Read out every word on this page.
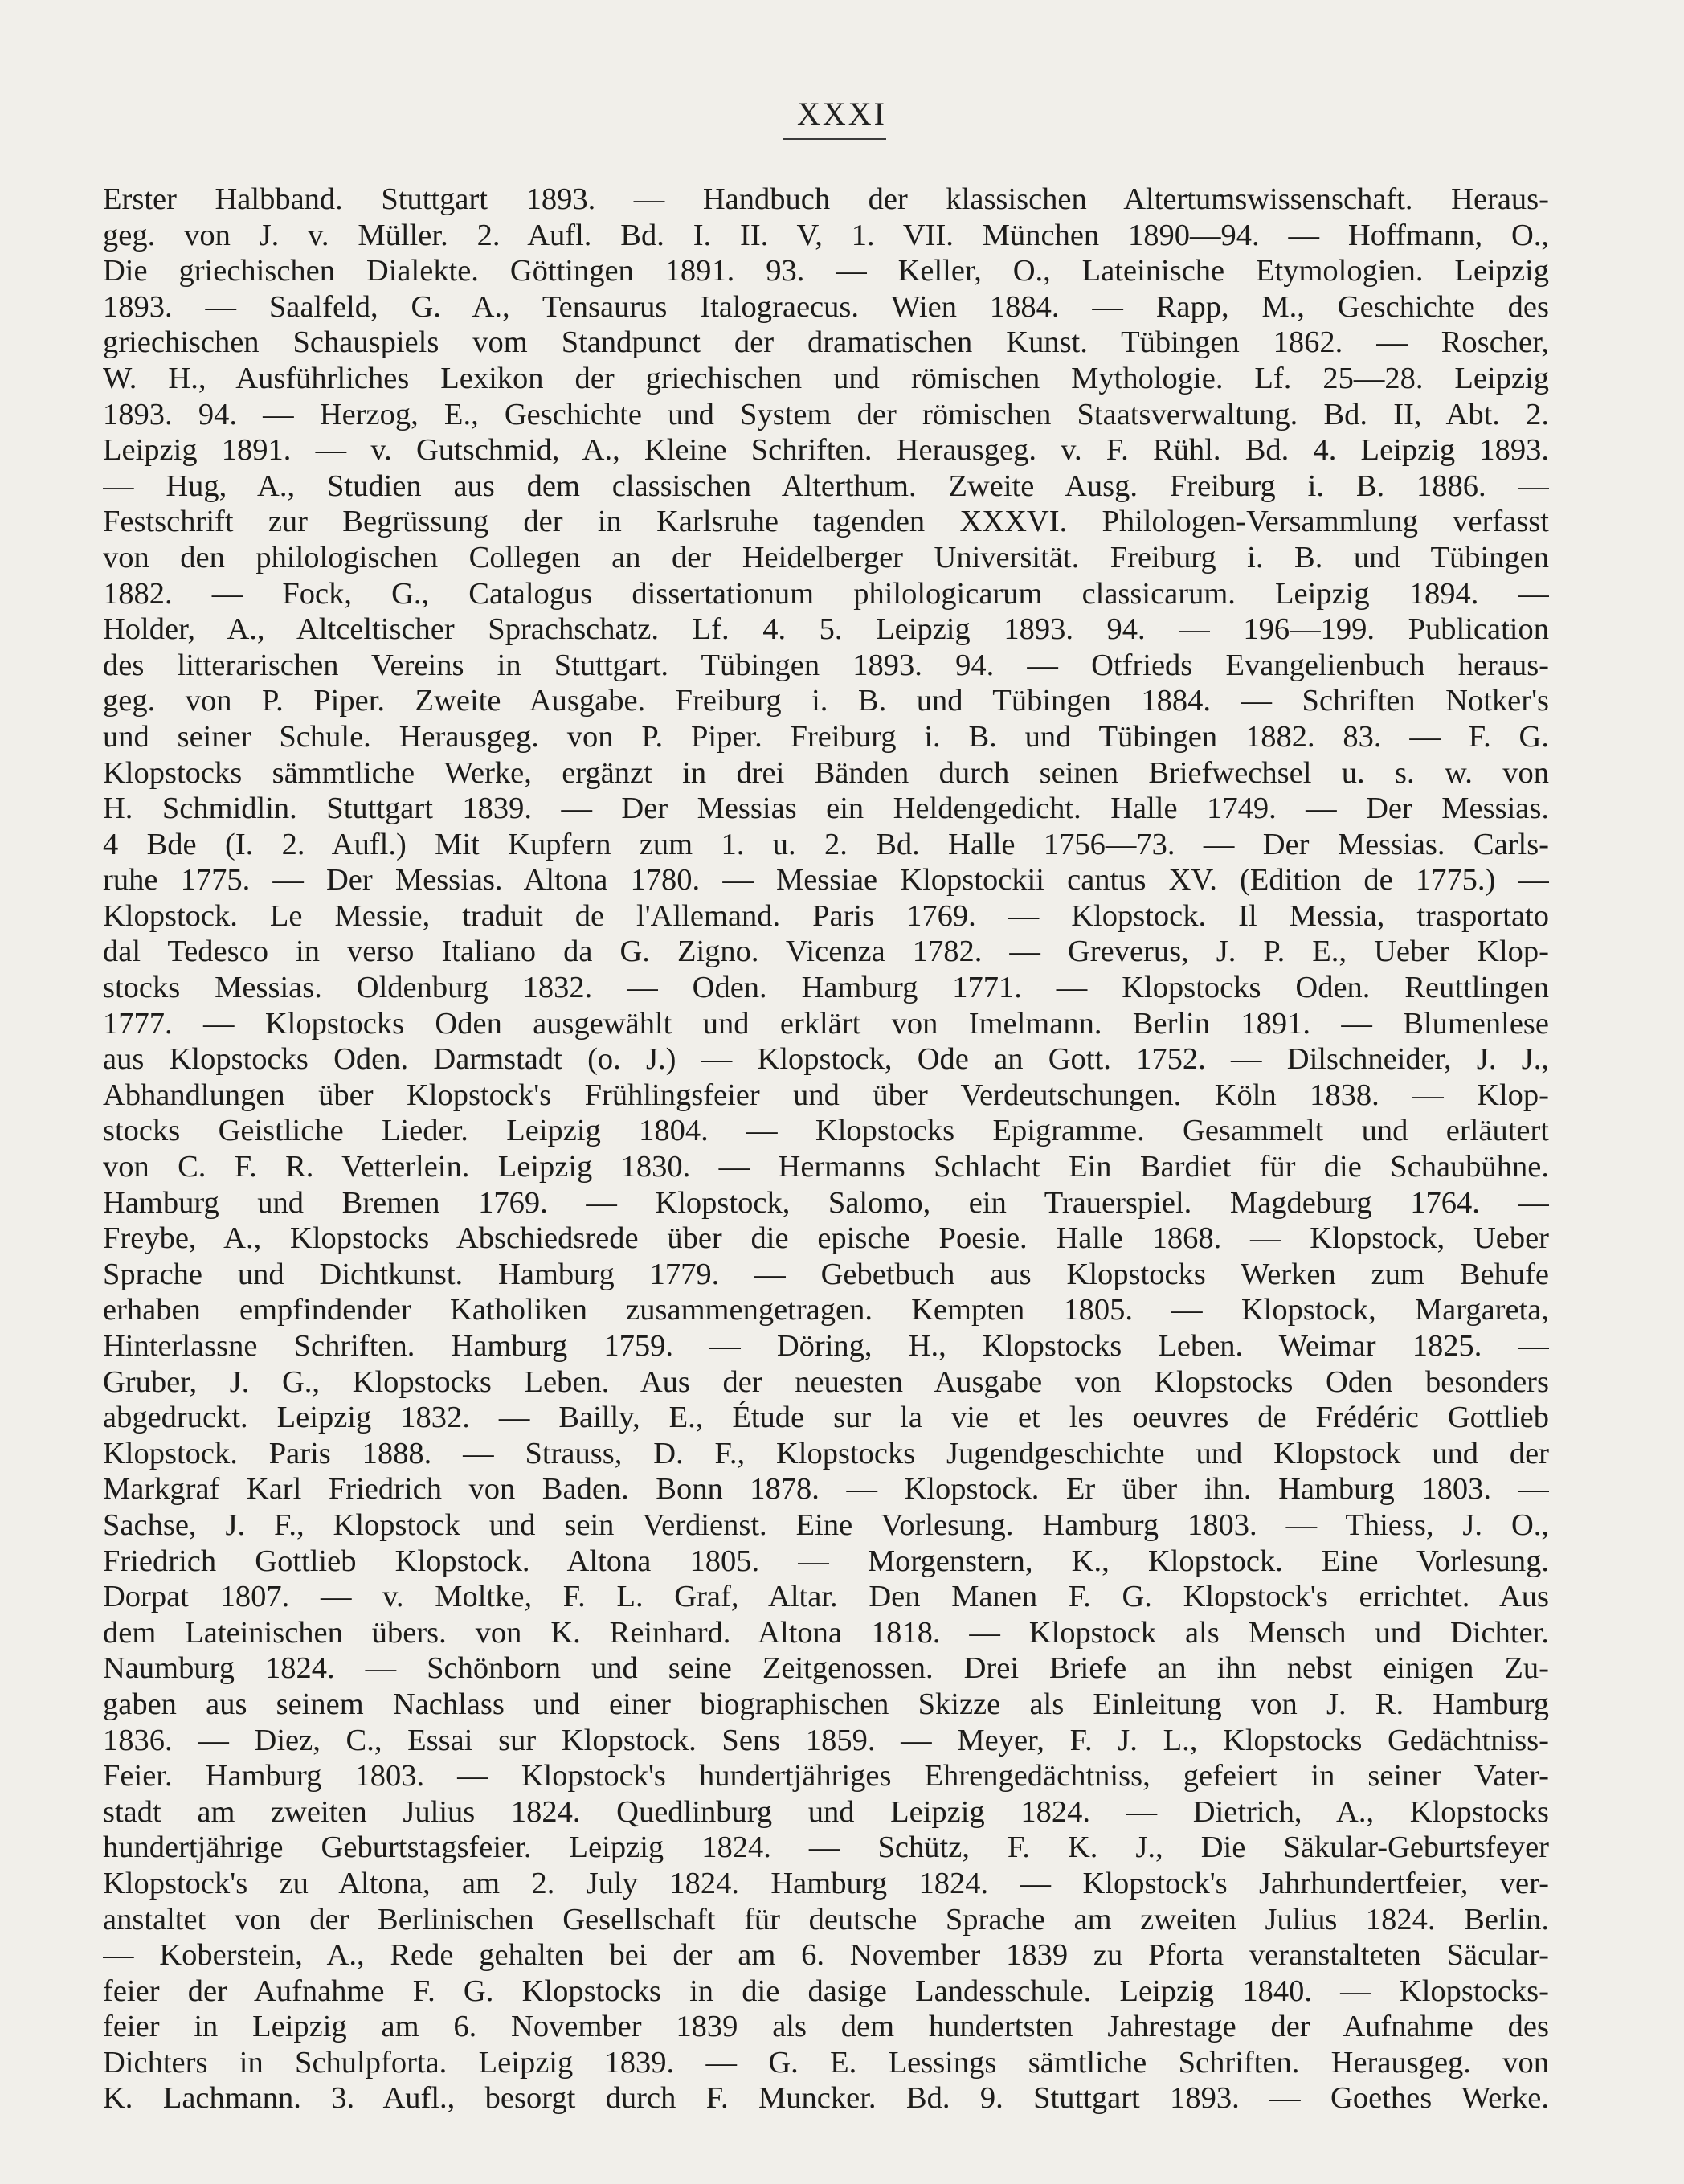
XXXI
Erster Halbband. Stuttgart 1893. — Handbuch der klassischen Altertumswissenschaft. Heraus-
geg. von J. v. Müller. 2. Aufl. Bd. I. II. V, 1. VII. München 1890—94. — Hoffmann, O.,
Die griechischen Dialekte. Göttingen 1891. 93. — Keller, O., Lateinische Etymologien. Leipzig
1893. — Saalfeld, G. A., Tensaurus Italograecus. Wien 1884. — Rapp, M., Geschichte des
griechischen Schauspiels vom Standpunct der dramatischen Kunst. Tübingen 1862. — Roscher,
W. H., Ausführliches Lexikon der griechischen und römischen Mythologie. Lf. 25—28. Leipzig
1893. 94. — Herzog, E., Geschichte und System der römischen Staatsverwaltung. Bd. II, Abt. 2.
Leipzig 1891. — v. Gutschmid, A., Kleine Schriften. Herausgeg. v. F. Rühl. Bd. 4. Leipzig 1893.
— Hug, A., Studien aus dem classischen Alterthum. Zweite Ausg. Freiburg i. B. 1886. —
Festschrift zur Begrüssung der in Karlsruhe tagenden XXXVI. Philologen-Versammlung verfasst
von den philologischen Collegen an der Heidelberger Universität. Freiburg i. B. und Tübingen
1882. — Fock, G., Catalogus dissertationum philologicarum classicarum. Leipzig 1894. —
Holder, A., Altceltischer Sprachschatz. Lf. 4. 5. Leipzig 1893. 94. — 196—199. Publication
des litterarischen Vereins in Stuttgart. Tübingen 1893. 94. — Otfrieds Evangelienbuch heraus-
geg. von P. Piper. Zweite Ausgabe. Freiburg i. B. und Tübingen 1884. — Schriften Notker's
und seiner Schule. Herausgeg. von P. Piper. Freiburg i. B. und Tübingen 1882. 83. — F. G.
Klopstocks sämmtliche Werke, ergänzt in drei Bänden durch seinen Briefwechsel u. s. w. von
H. Schmidlin. Stuttgart 1839. — Der Messias ein Heldengedicht. Halle 1749. — Der Messias.
4 Bde (I. 2. Aufl.) Mit Kupfern zum 1. u. 2. Bd. Halle 1756—73. — Der Messias. Carls-
ruhe 1775. — Der Messias. Altona 1780. — Messiae Klopstockii cantus XV. (Edition de 1775.) —
Klopstock. Le Messie, traduit de l'Allemand. Paris 1769. — Klopstock. Il Messia, trasportato
dal Tedesco in verso Italiano da G. Zigno. Vicenza 1782. — Greverus, J. P. E., Ueber Klop-
stocks Messias. Oldenburg 1832. — Oden. Hamburg 1771. — Klopstocks Oden. Reuttlingen
1777. — Klopstocks Oden ausgewählt und erklärt von Imelmann. Berlin 1891. — Blumenlese
aus Klopstocks Oden. Darmstadt (o. J.) — Klopstock, Ode an Gott. 1752. — Dilschneider, J. J.,
Abhandlungen über Klopstock's Frühlingsfeier und über Verdeutschungen. Köln 1838. — Klop-
stocks Geistliche Lieder. Leipzig 1804. — Klopstocks Epigramme. Gesammelt und erläutert
von C. F. R. Vetterlein. Leipzig 1830. — Hermanns Schlacht Ein Bardiet für die Schaubühne.
Hamburg und Bremen 1769. — Klopstock, Salomo, ein Trauerspiel. Magdeburg 1764. —
Freybe, A., Klopstocks Abschiedsrede über die epische Poesie. Halle 1868. — Klopstock, Ueber
Sprache und Dichtkunst. Hamburg 1779. — Gebetbuch aus Klopstocks Werken zum Behufe
erhaben empfindender Katholiken zusammengetragen. Kempten 1805. — Klopstock, Margareta,
Hinterlassne Schriften. Hamburg 1759. — Döring, H., Klopstocks Leben. Weimar 1825. —
Gruber, J. G., Klopstocks Leben. Aus der neuesten Ausgabe von Klopstocks Oden besonders
abgedruckt. Leipzig 1832. — Bailly, E., Étude sur la vie et les oeuvres de Frédéric Gottlieb
Klopstock. Paris 1888. — Strauss, D. F., Klopstocks Jugendgeschichte und Klopstock und der
Markgraf Karl Friedrich von Baden. Bonn 1878. — Klopstock. Er über ihn. Hamburg 1803. —
Sachse, J. F., Klopstock und sein Verdienst. Eine Vorlesung. Hamburg 1803. — Thiess, J. O.,
Friedrich Gottlieb Klopstock. Altona 1805. — Morgenstern, K., Klopstock. Eine Vorlesung.
Dorpat 1807. — v. Moltke, F. L. Graf, Altar. Den Manen F. G. Klopstock's errichtet. Aus
dem Lateinischen übers. von K. Reinhard. Altona 1818. — Klopstock als Mensch und Dichter.
Naumburg 1824. — Schönborn und seine Zeitgenossen. Drei Briefe an ihn nebst einigen Zu-
gaben aus seinem Nachlass und einer biographischen Skizze als Einleitung von J. R. Hamburg
1836. — Diez, C., Essai sur Klopstock. Sens 1859. — Meyer, F. J. L., Klopstocks Gedächtniss-
Feier. Hamburg 1803. — Klopstock's hundertjähriges Ehrengedächtniss, gefeiert in seiner Vater-
stadt am zweiten Julius 1824. Quedlinburg und Leipzig 1824. — Dietrich, A., Klopstocks
hundertjährige Geburtstagsfeier. Leipzig 1824. — Schütz, F. K. J., Die Säkular-Geburtsfeyer
Klopstock's zu Altona, am 2. July 1824. Hamburg 1824. — Klopstock's Jahrhundertfeier, ver-
anstaltet von der Berlinischen Gesellschaft für deutsche Sprache am zweiten Julius 1824. Berlin.
— Koberstein, A., Rede gehalten bei der am 6. November 1839 zu Pforta veranstalteten Säcular-
feier der Aufnahme F. G. Klopstocks in die dasige Landesschule. Leipzig 1840. — Klopstocks-
feier in Leipzig am 6. November 1839 als dem hundertsten Jahrestage der Aufnahme des
Dichters in Schulpforta. Leipzig 1839. — G. E. Lessings sämtliche Schriften. Herausgeg. von
K. Lachmann. 3. Aufl., besorgt durch F. Muncker. Bd. 9. Stuttgart 1893. — Goethes Werke.
